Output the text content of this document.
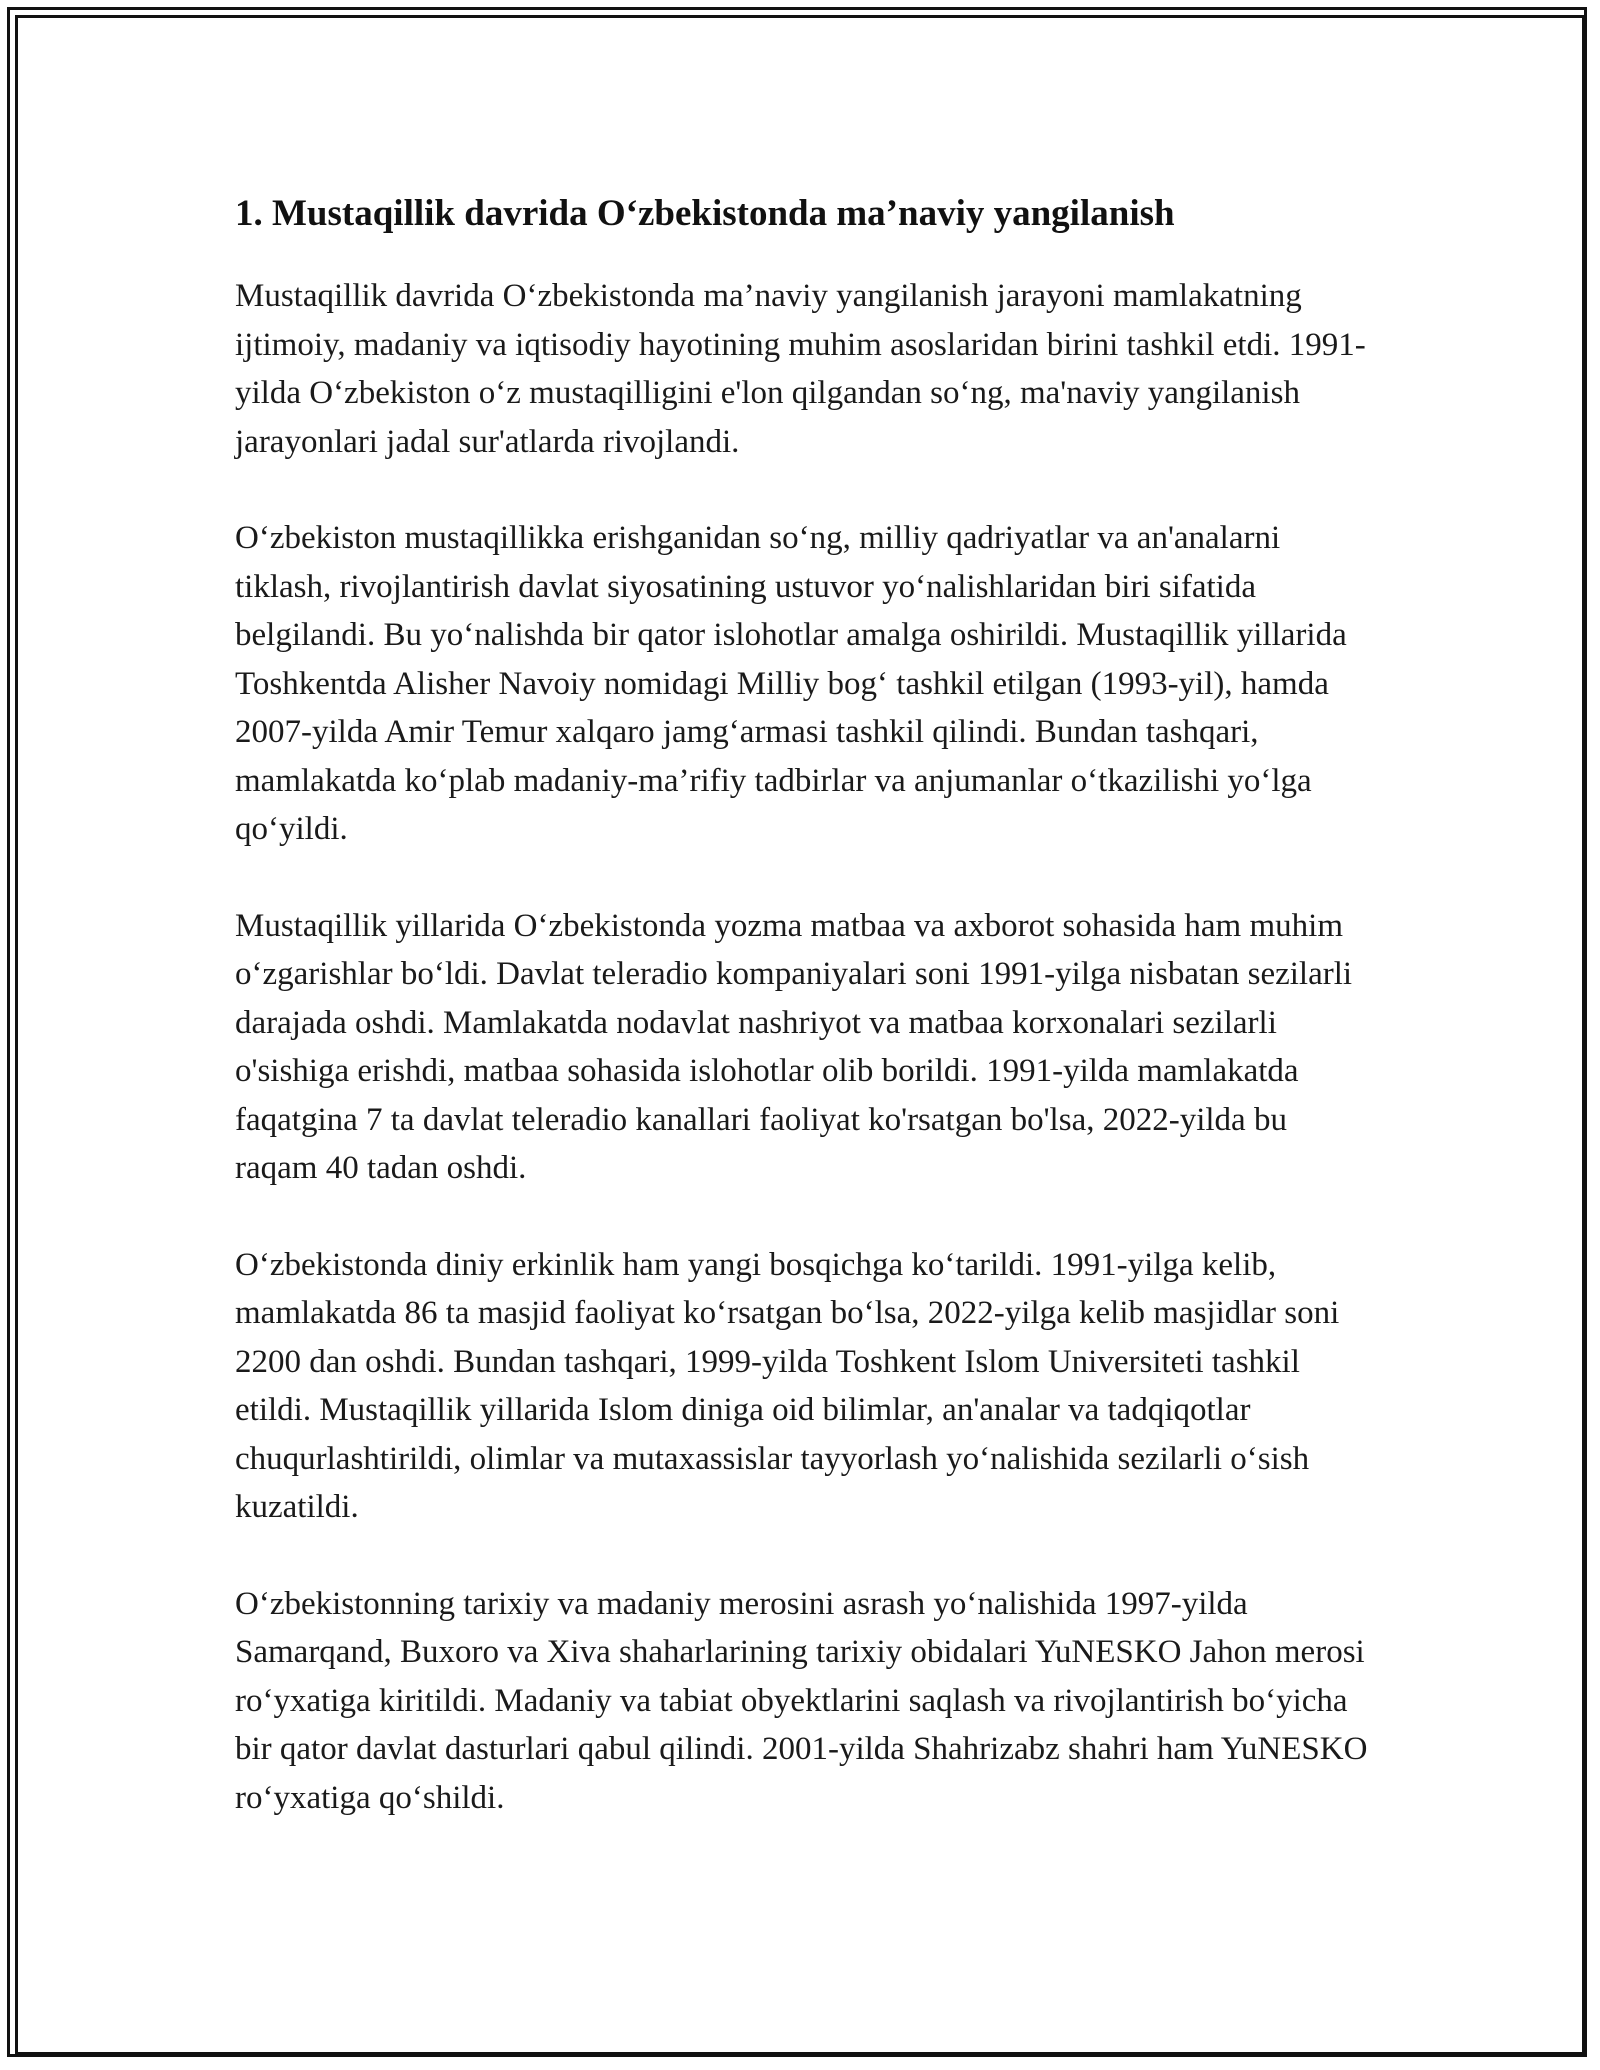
1. Mustaqillik davrida O‘zbekistonda ma’naviy yangilanish

Mustaqillik davrida O‘zbekistonda ma’naviy yangilanish jarayoni mamlakatning ijtimoiy, madaniy va iqtisodiy hayotining muhim asoslaridan birini tashkil etdi. 1991-yilda O‘zbekiston o‘z mustaqilligini e'lon qilgandan so‘ng, ma'naviy yangilanish jarayonlari jadal sur'atlarda rivojlandi.

O‘zbekiston mustaqillikka erishganidan so‘ng, milliy qadriyatlar va an'analarni tiklash, rivojlantirish davlat siyosatining ustuvor yo‘nalishlaridan biri sifatida belgilandi. Bu yo‘nalishda bir qator islohotlar amalga oshirildi. Mustaqillik yillarida Toshkentda Alisher Navoiy nomidagi Milliy bog‘ tashkil etilgan (1993-yil), hamda 2007-yilda Amir Temur xalqaro jamg‘armasi tashkil qilindi. Bundan tashqari, mamlakatda ko‘plab madaniy-ma’rifiy tadbirlar va anjumanlar o‘tkazilishi yo‘lga qo‘yildi.

Mustaqillik yillarida O‘zbekistonda yozma matbaa va axborot sohasida ham muhim o‘zgarishlar bo‘ldi. Davlat teleradio kompaniyalari soni 1991-yilga nisbatan sezilarli darajada oshdi. Mamlakatda nodavlat nashriyot va matbaa korxonalari sezilarli o'sishiga erishdi, matbaa sohasida islohotlar olib borildi. 1991-yilda mamlakatda faqatgina 7 ta davlat teleradio kanallari faoliyat ko'rsatgan bo'lsa, 2022-yilda bu raqam 40 tadan oshdi.

O‘zbekistonda diniy erkinlik ham yangi bosqichga ko‘tarildi. 1991-yilga kelib, mamlakatda 86 ta masjid faoliyat ko‘rsatgan bo‘lsa, 2022-yilga kelib masjidlar soni 2200 dan oshdi. Bundan tashqari, 1999-yilda Toshkent Islom Universiteti tashkil etildi. Mustaqillik yillarida Islom diniga oid bilimlar, an'analar va tadqiqotlar chuqurlashtirildi, olimlar va mutaxassislar tayyorlash yo‘nalishida sezilarli o‘sish kuzatildi.

O‘zbekistonning tarixiy va madaniy merosini asrash yo‘nalishida 1997-yilda Samarqand, Buxoro va Xiva shaharlarining tarixiy obidalari YuNESKO Jahon merosi ro‘yxatiga kiritildi. Madaniy va tabiat obyektlarini saqlash va rivojlantirish bo‘yicha bir qator davlat dasturlari qabul qilindi. 2001-yilda Shahrizabz shahri ham YuNESKO ro‘yxatiga qo‘shildi.
